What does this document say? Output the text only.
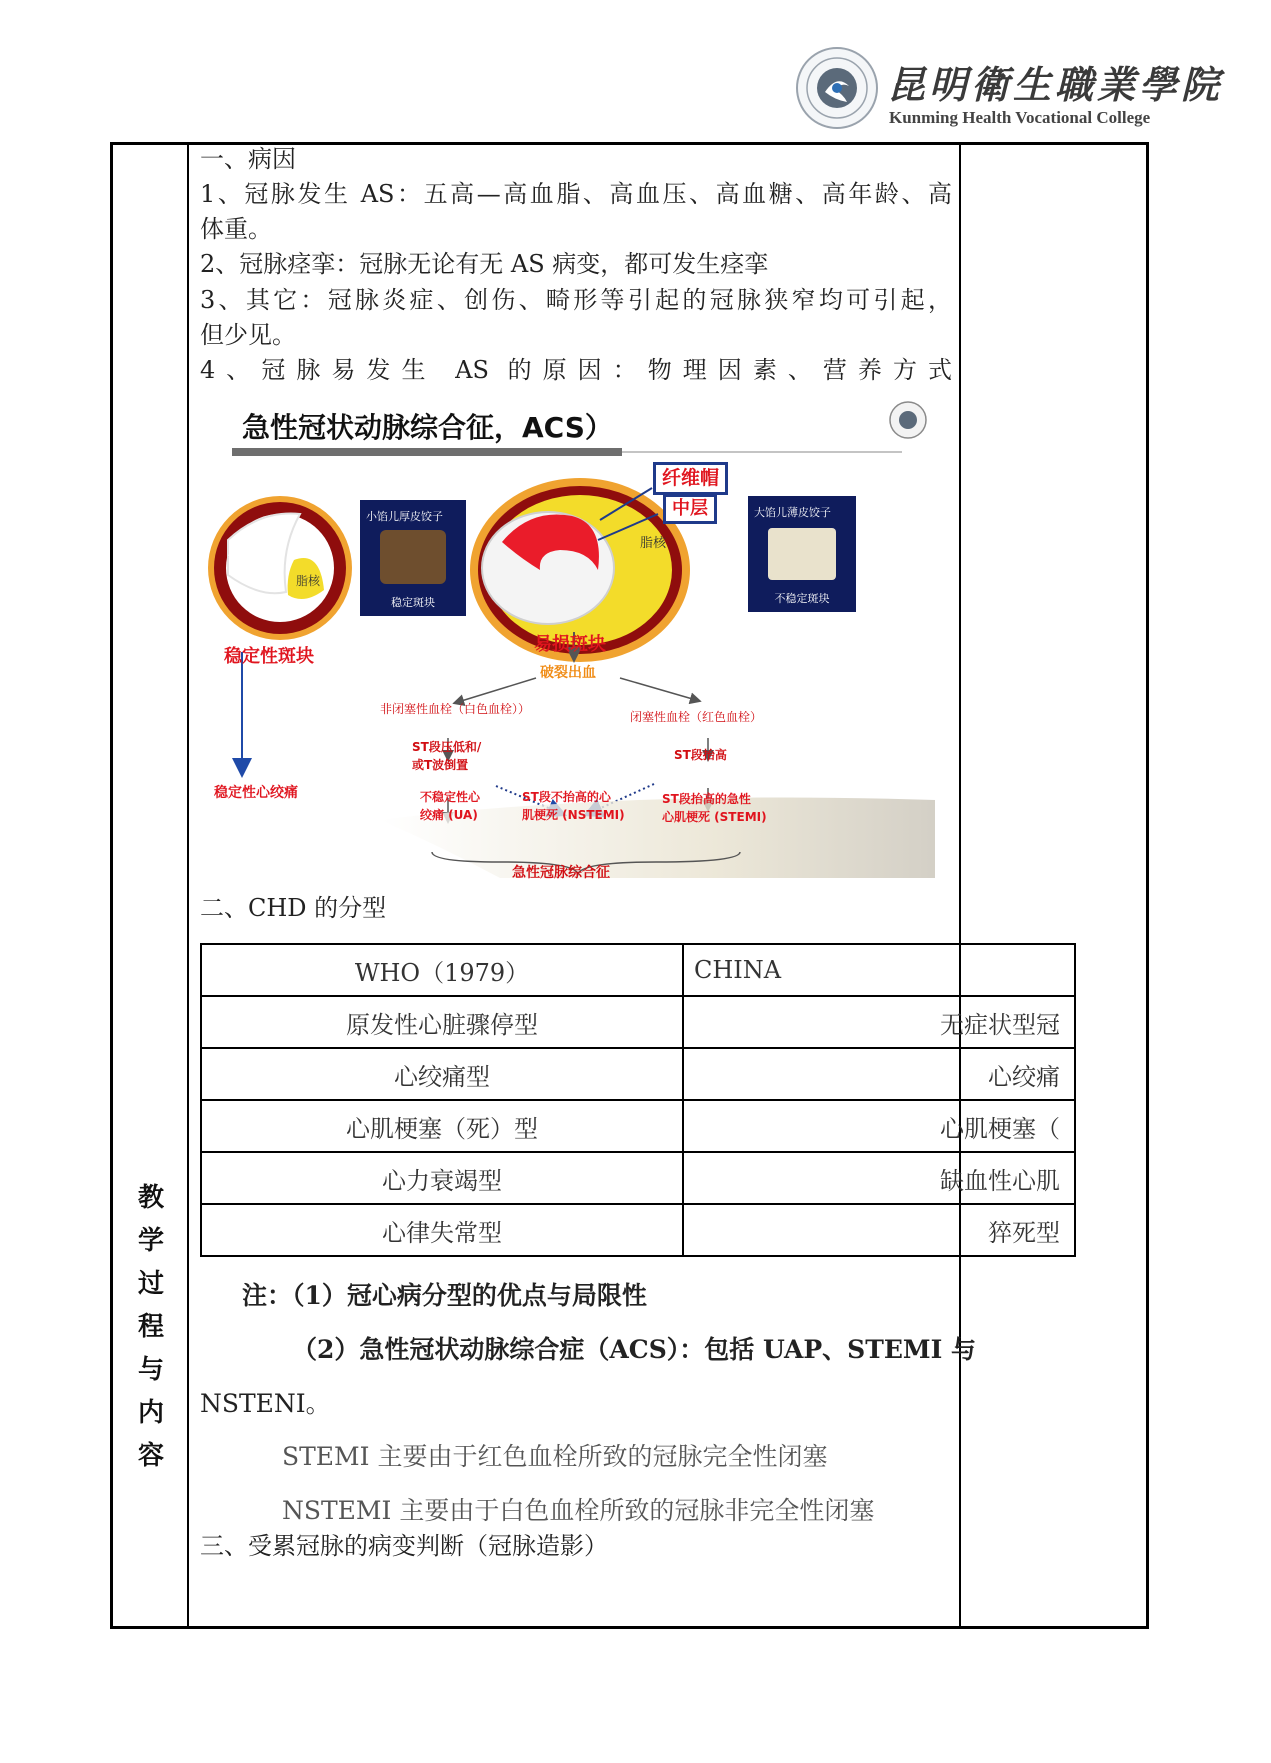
昆明衛生職業學院
Kunming Health Vocational College
教
学
过
程
与
内
容
一、病因
1、冠脉发生 AS：五高—高血脂、高血压、高血糖、高年龄、高
体重。
2、冠脉痉挛：冠脉无论有无 AS 病变，都可发生痉挛
3、其它：冠脉炎症、创伤、畸形等引起的冠脉狭窄均可引起，
但少见。
4、冠脉易发生 AS 的原因：物理因素、营养方式
二、CHD 的分型
三、受累冠脉的病变判断（冠脉造影）
急性冠状动脉综合征，ACS）
管腔
脂核
脂核
纤维帽
中层
小馅儿厚皮饺子
稳定斑块
大馅儿薄皮饺子
不稳定斑块
稳定性斑块
易损斑块
破裂出血
非闭塞性血栓（白色血栓））
闭塞性血栓（红色血栓）
ST段压低和/
或T波倒置
ST段抬高
稳定性心绞痛	不稳定性心
绞痛 (UA)
ST段不抬高的心
肌梗死 (NSTEMI)
ST段抬高的急性
心肌梗死 (STEMI)
急性冠脉综合征
WHO（1979）	CHINA
原发性心脏骤停型	无症状型冠
心绞痛型	心绞痛
心肌梗塞（死）型	心肌梗塞（
心力衰竭型	缺血性心肌
心律失常型	猝死型
注：（1）冠心病分型的优点与局限性
（2）急性冠状动脉综合症（ACS）：包括 UAP、STEMI 与
NSTENI。
STEMI 主要由于红色血栓所致的冠脉完全性闭塞
NSTEMI 主要由于白色血栓所致的冠脉非完全性闭塞
